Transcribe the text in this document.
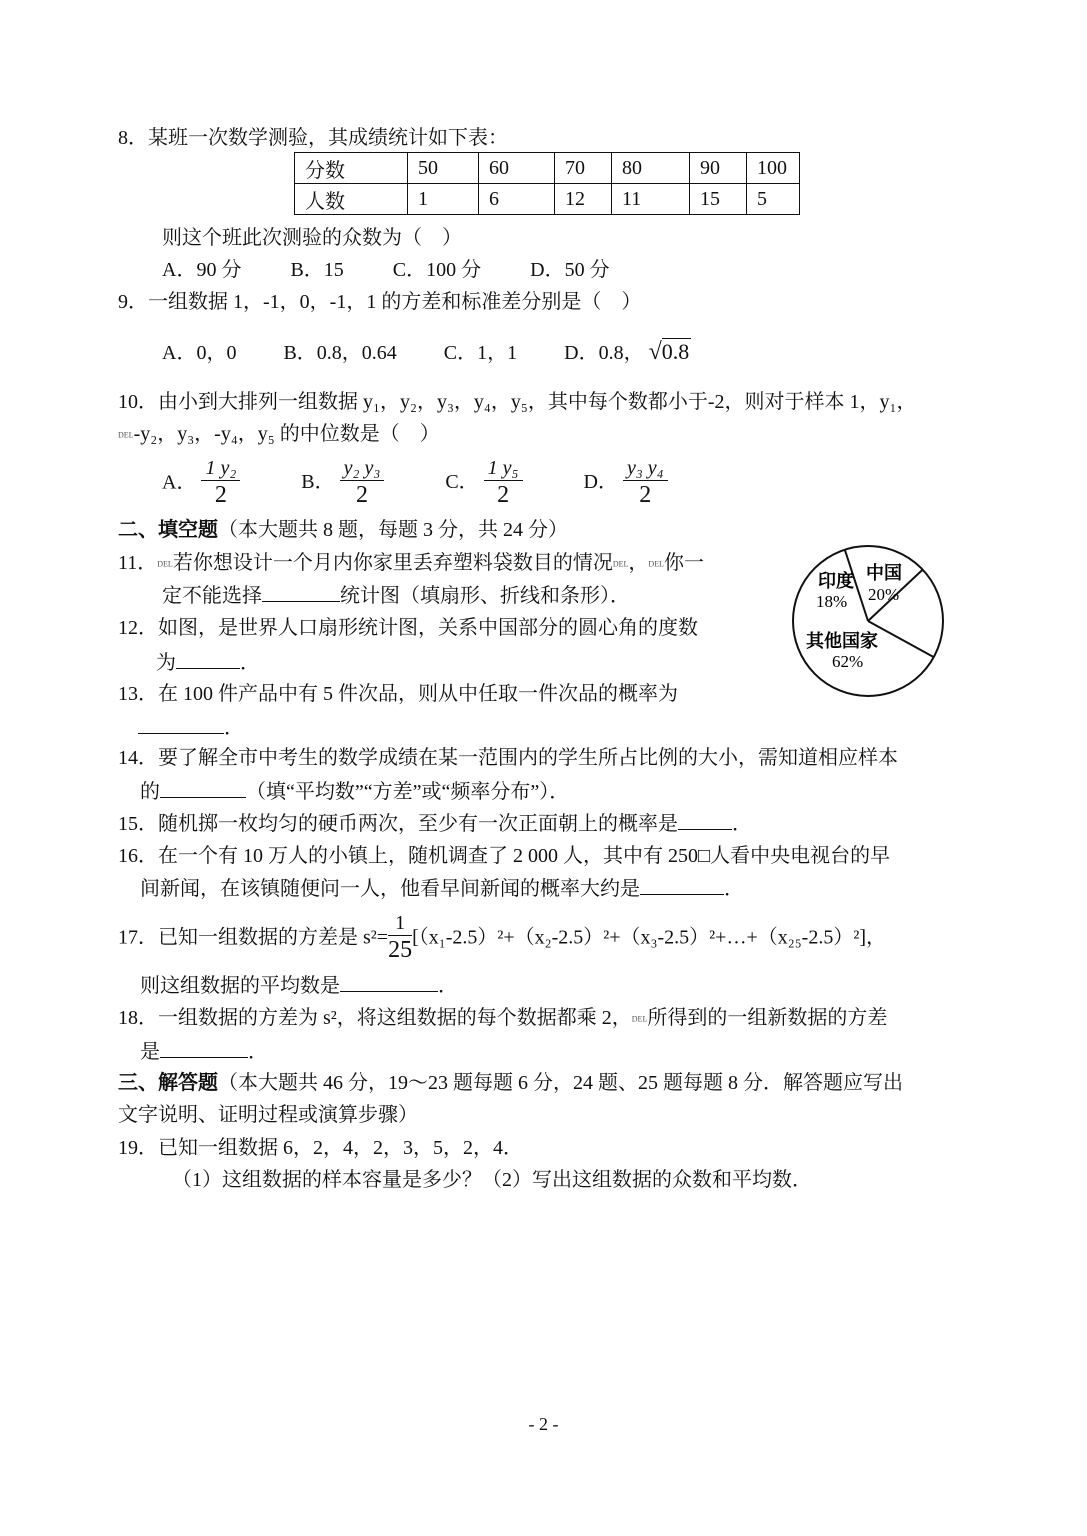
8．某班一次数学测验，其成绩统计如下表：
分数	50	60	70	80	90	100
人数	1	6	12	11	15	5
则这个班此次测验的众数为（　）
A．90 分 B．15 C．100 分 D．50 分
9．一组数据 1，-1，0，-1，1 的方差和标准差分别是（　）
A．0，0 B．0.8，0.64 C．1，1 D．0.8， √0.8
10．由小到大排列一组数据 y₁，y₂，y₃，y₄，y₅，其中每个数都小于-2，则对于样本 1，y₁，
DEL-y₂，y₃，-y₄，y₅ 的中位数是（　）
A． $\frac{\text{1 y₂}}{2}$	B． $\frac{\text{y₂ y₃}}{2}$	C． $\frac{\text{1 y₅}}{2}$	D． $\frac{\text{y₃ y₄}}{2}$
二、填空题（本大题共 8 题，每题 3 分，共 24 分）
11．DEL若你想设计一个月内你家里丢弃塑料袋数目的情况DEL，DEL你一
定不能选择	统计图（填扇形、折线和条形）．
12．如图，是世界人口扇形统计图，关系中国部分的圆心角的度数
为	．
13．在 100 件产品中有 5 件次品，则从中任取一件次品的概率为
．
印度
18%
中国
20%
其他国家
62%
14．要了解全市中考生的数学成绩在某一范围内的学生所占比例的大小，需知道相应样本
的	（填“平均数”“方差”或“频率分布”）．
15．随机掷一枚均匀的硬币两次，至少有一次正面朝上的概率是	．
16．在一个有 10 万人的小镇上，随机调查了 2 000 人，其中有 250□人看中央电视台的早
间新闻，在该镇随便问一人，他看早间新闻的概率大约是	．
17．已知一组数据的方差是 $s^2= \frac{1}{25}$ [（x₁-2.5）²+（x₂-2.5）²+（x₃-2.5）²+…+（x₂₅-2.5）²]，
则这组数据的平均数是	．
18．一组数据的方差为 s²，将这组数据的每个数据都乘 2，DEL所得到的一组新数据的方差
是	．
三、解答题（本大题共 46 分，19～23 题每题 6 分，24 题、25 题每题 8 分．解答题应写出
文字说明、证明过程或演算步骤）
19．已知一组数据 6，2，4，2，3，5，2，4．
（1）这组数据的样本容量是多少？（2）写出这组数据的众数和平均数．
- 2 -
